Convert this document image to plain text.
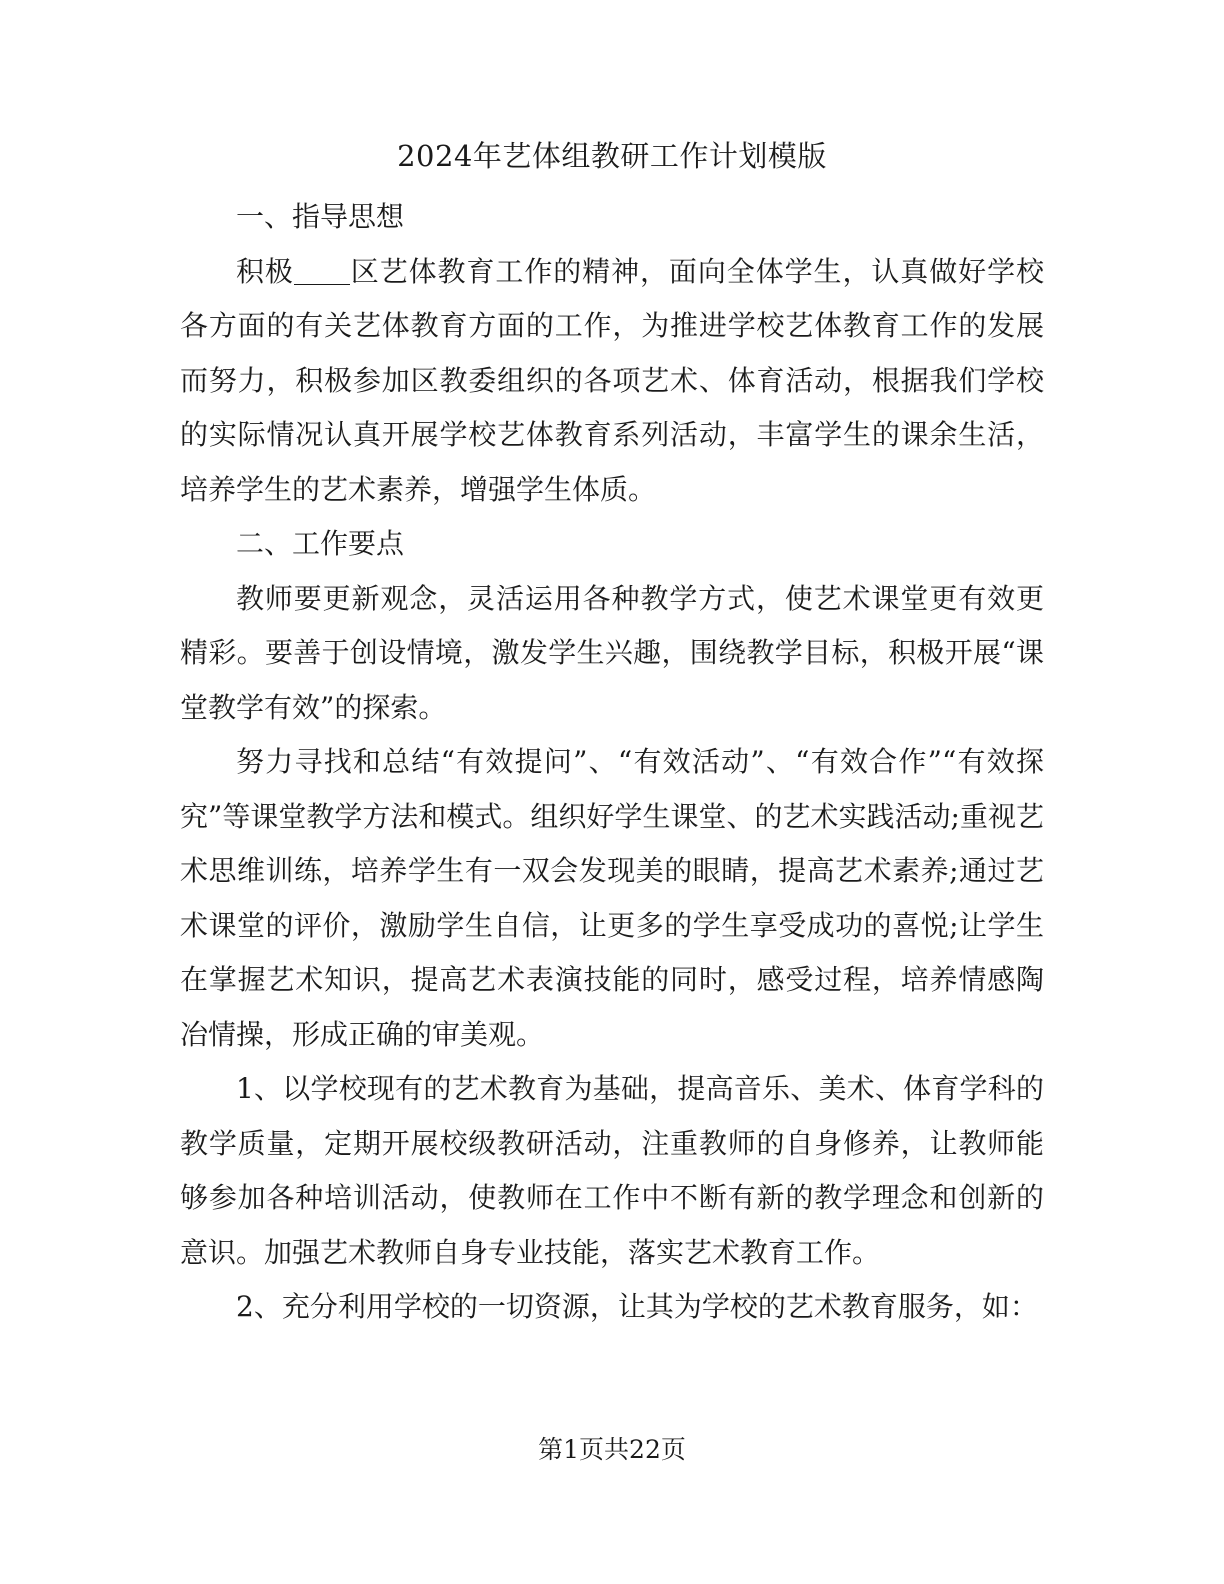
2024年艺体组教研工作计划模版

一、指导思想

积极 区艺体教育工作的精神，面向全体学生，认真做好学校各方面的有关艺体教育方面的工作，为推进学校艺体教育工作的发展而努力，积极参加区教委组织的各项艺术、体育活动，根据我们学校的实际情况认真开展学校艺体教育系列活动，丰富学生的课余生活，培养学生的艺术素养，增强学生体质。

二、工作要点

教师要更新观念，灵活运用各种教学方式，使艺术课堂更有效更精彩。要善于创设情境，激发学生兴趣，围绕教学目标，积极开展“课堂教学有效”的探索。

努力寻找和总结“有效提问”、“有效活动”、“有效合作”“有效探究”等课堂教学方法和模式。组织好学生课堂、的艺术实践活动;重视艺术思维训练，培养学生有一双会发现美的眼睛，提高艺术素养;通过艺术课堂的评价，激励学生自信，让更多的学生享受成功的喜悦;让学生在掌握艺术知识，提高艺术表演技能的同时，感受过程，培养情感陶冶情操，形成正确的审美观。

1、以学校现有的艺术教育为基础，提高音乐、美术、体育学科的教学质量，定期开展校级教研活动，注重教师的自身修养，让教师能够参加各种培训活动，使教师在工作中不断有新的教学理念和创新的意识。加强艺术教师自身专业技能，落实艺术教育工作。

2、充分利用学校的一切资源，让其为学校的艺术教育服务，如：

第1页共22页
